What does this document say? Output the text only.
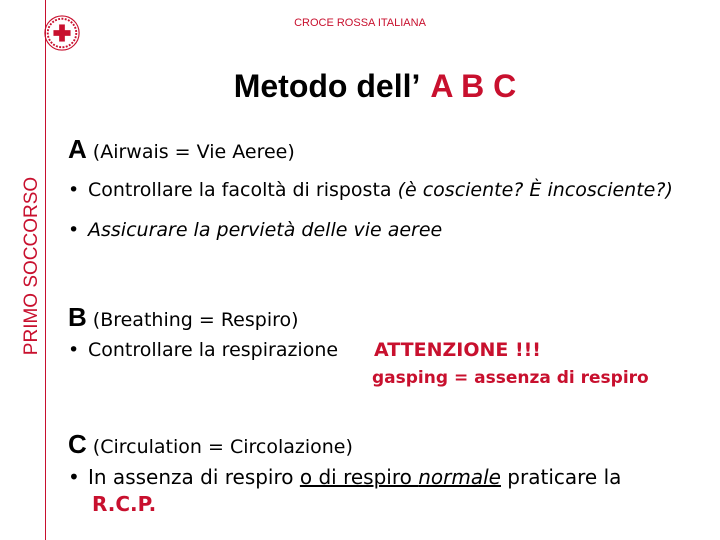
PRIMO SOCCORSO
CROCE ROSSA ITALIANA
Metodo dell’ A B C
A (Airwais = Vie Aeree)
• Controllare la facoltà di risposta (è cosciente? È incosciente?)
• Assicurare la pervietà delle vie aeree
B (Breathing = Respiro)
• Controllare la respirazione ATTENZIONE !!!
gasping = assenza di respiro
C (Circulation = Circolazione)
• In assenza di respiro o di respiro normale praticare la
R.C.P.
